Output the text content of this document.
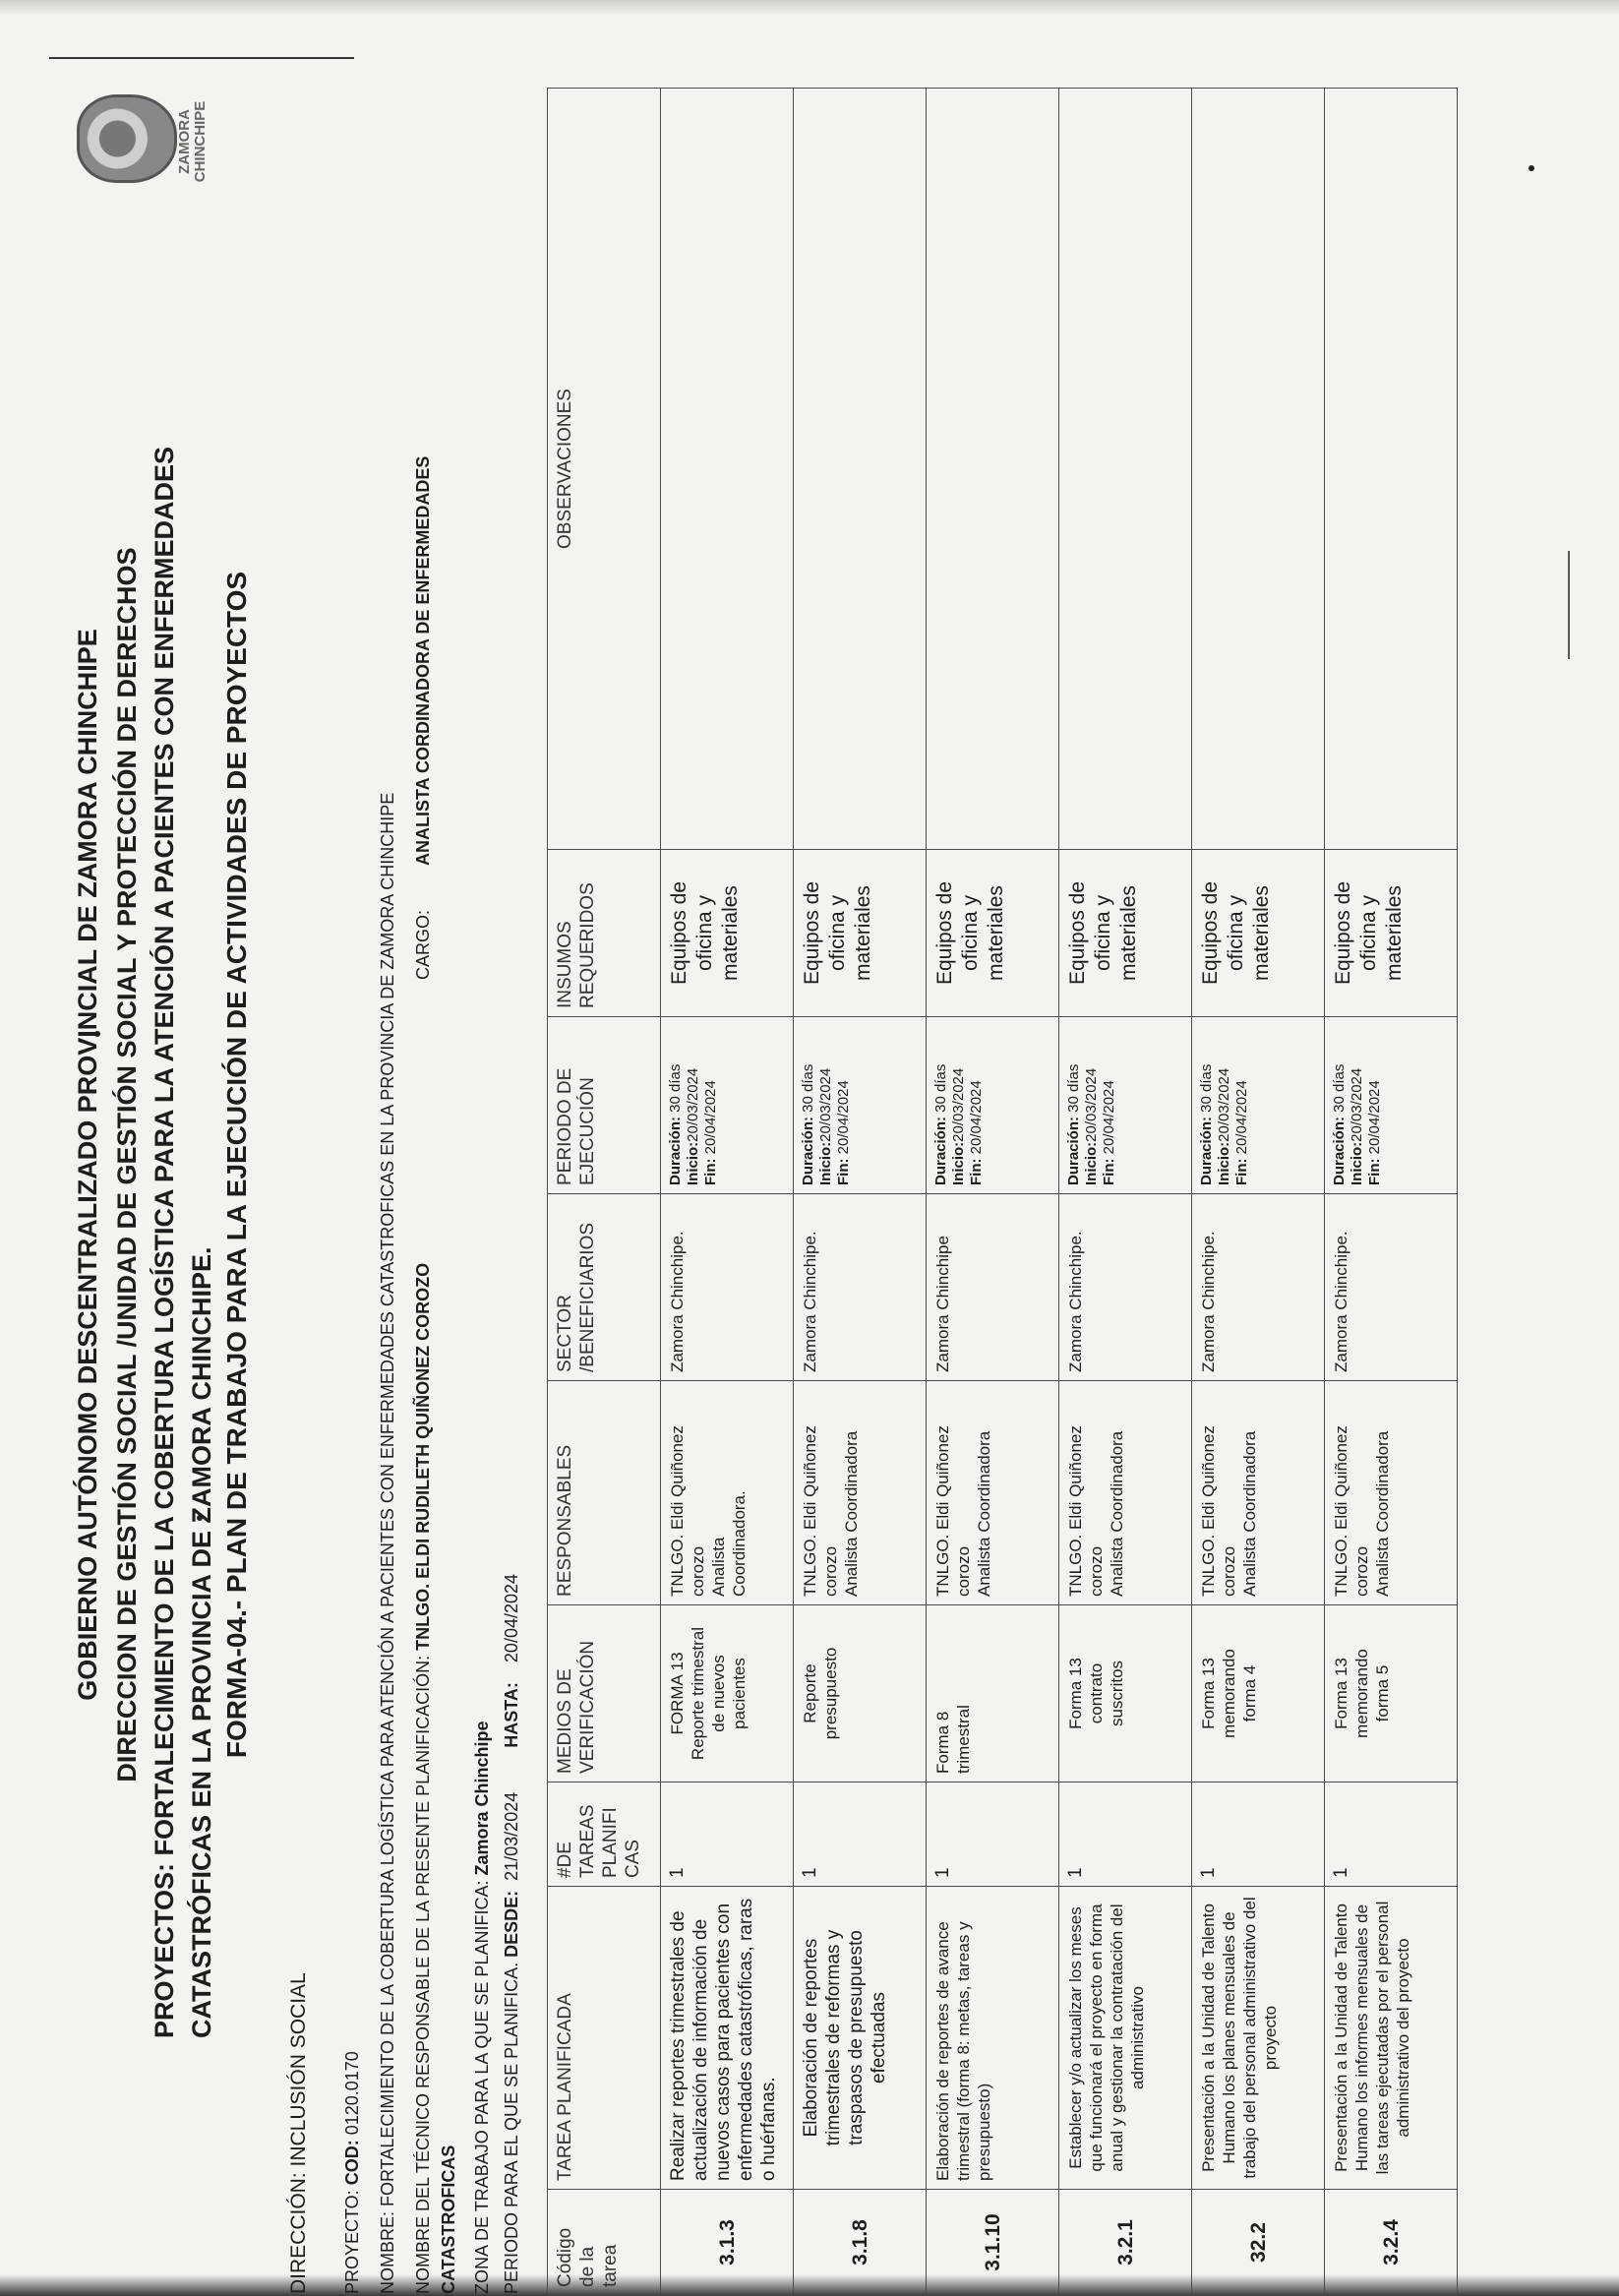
ZAMORA
CHINCHIPE
GOBIERNO AUTÓNOMO DESCENTRALIZADO PROVINCIAL DE ZAMORA CHINCHIPE DIRECCION DE GESTIÓN SOCIAL /UNIDAD DE GESTIÓN SOCIAL Y PROTECCIÓN DE DERECHOS PROYECTOS: FORTALECIMIENTO DE LA COBERTURA LOGÍSTICA PARA LA ATENCIÓN A PACIENTES CON ENFERMEDADES CATASTRÓFICAS EN LA PROVINCIA DE ZAMORA CHINCHIPE. FORMA-04.- PLAN DE TRABAJO PARA LA EJECUCIÓN DE ACTIVIDADES DE PROYECTOS
DIRECCIÓN: INCLUSIÓN SOCIAL PROYECTO: COD: 0120.0170 NOMBRE: FORTALECIMIENTO DE LA COBERTURA LOGÍSTICA PARA ATENCIÓN A PACIENTES CON ENFERMEDADES CATASTROFICAS EN LA PROVINCIA DE ZAMORA CHINCHIPE NOMBRE DEL TÉCNICO RESPONSABLE DE LA PRESENTE PLANIFICACIÓN: TNLGO. ELDI RUDILETH QUIÑONEZ COROZO
CARGO:
ANALISTA CORDINADORA DE ENFERMEDADES
CATASTROFICAS ZONA DE TRABAJO PARA LA QUE SE PLANIFICA: Zamora Chinchipe
PERIODO PARA EL QUE SE PLANIFICA. DESDE:  21/03/2024         HASTA:    20/04/2024
Código
de la
tarea	TAREA PLANIFICADA	#DE
TAREAS
PLANIFI
CAS	MEDIOS DE
VERIFICACIÓN	RESPONSABLES	SECTOR
/BENEFICIARIOS	PERIODO DE
EJECUCIÓN	INSUMOS
REQUERIDOS	OBSERVACIONES
3.1.3	Realizar reportes trimestrales de actualización de información de nuevos casos para pacientes con enfermedades catastróficas, raras o huérfanas.	1	FORMA 13
Reporte trimestral
de nuevos
pacientes	TNLGO. Eldi Quiñonez
corozo
Analista
Coordinadora.	Zamora Chinchipe.	Duración: 30 días
Inicio:20/03/2024
Fin: 20/04/2024	Equipos de
oficina y
materiales	
3.1.8	Elaboración de reportes trimestrales de reformas y traspasos de presupuesto efectuadas	1	Reporte
presupuesto	TNLGO. Eldi Quiñonez
corozo
Analista Coordinadora	Zamora Chinchipe.	Duración: 30 días
Inicio:20/03/2024
Fin: 20/04/2024	Equipos de
oficina y
materiales	
3.1.10	Elaboración de reportes de avance trimestral (forma 8: metas, tareas y presupuesto)	1	Forma 8
trimestral	TNLGO. Eldi Quiñonez
corozo
Analista Coordinadora	Zamora Chinchipe	Duración: 30 días
Inicio:20/03/2024
Fin: 20/04/2024	Equipos de
oficina y
materiales	
3.2.1	Establecer y/o actualizar los meses que funcionará el proyecto en forma anual y gestionar la contratación del administrativo	1	Forma 13
contrato
suscritos	TNLGO. Eldi Quiñonez
corozo
Analista Coordinadora	Zamora Chinchipe.	Duración: 30 días
Inicio:20/03/2024
Fin: 20/04/2024	Equipos de
oficina y
materiales	
32.2	Presentación a la Unidad de Talento Humano los planes mensuales de trabajo del personal administrativo del proyecto	1	Forma 13
memorando
forma 4	TNLGO. Eldi Quiñonez
corozo
Analista Coordinadora	Zamora Chinchipe.	Duración: 30 días
Inicio:20/03/2024
Fin: 20/04/2024	Equipos de
oficina y
materiales	
3.2.4	Presentación a la Unidad de Talento Humano los informes mensuales de las tareas ejecutadas por el personal administrativo del proyecto	1	Forma 13
memorando
forma 5	TNLGO. Eldi Quiñonez
corozo
Analista Coordinadora	Zamora Chinchipe.	Duración: 30 días
Inicio:20/03/2024
Fin: 20/04/2024	Equipos de
oficina y
materiales	
